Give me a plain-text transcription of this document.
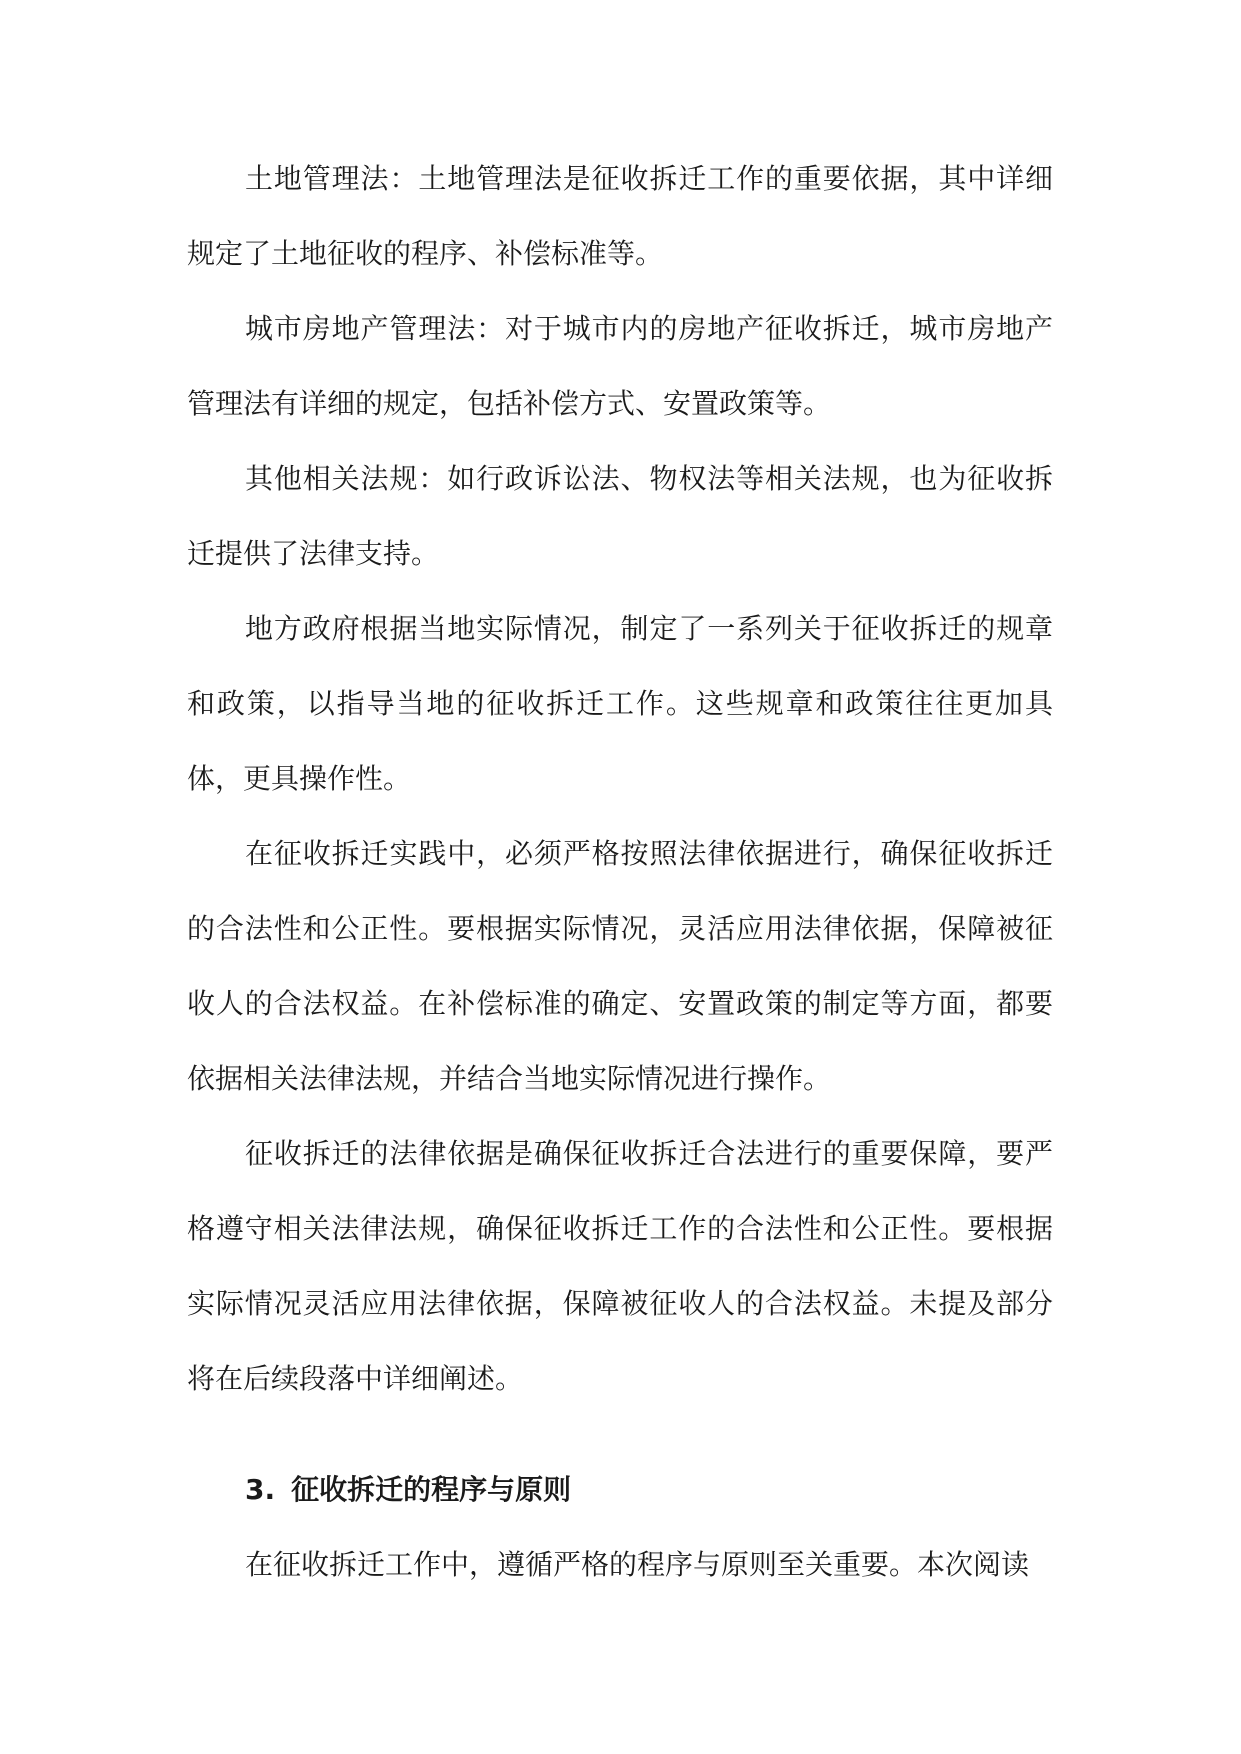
土地管理法：土地管理法是征收拆迁工作的重要依据，其中详细规定了土地征收的程序、补偿标准等。

城市房地产管理法：对于城市内的房地产征收拆迁，城市房地产管理法有详细的规定，包括补偿方式、安置政策等。

其他相关法规：如行政诉讼法、物权法等相关法规，也为征收拆迁提供了法律支持。

地方政府根据当地实际情况，制定了一系列关于征收拆迁的规章和政策，以指导当地的征收拆迁工作。这些规章和政策往往更加具体，更具操作性。

在征收拆迁实践中，必须严格按照法律依据进行，确保征收拆迁的合法性和公正性。要根据实际情况，灵活应用法律依据，保障被征收人的合法权益。在补偿标准的确定、安置政策的制定等方面，都要依据相关法律法规，并结合当地实际情况进行操作。

征收拆迁的法律依据是确保征收拆迁合法进行的重要保障，要严格遵守相关法律法规，确保征收拆迁工作的合法性和公正性。要根据实际情况灵活应用法律依据，保障被征收人的合法权益。未提及部分将在后续段落中详细阐述。

3. 征收拆迁的程序与原则

在征收拆迁工作中，遵循严格的程序与原则至关重要。本次阅读
